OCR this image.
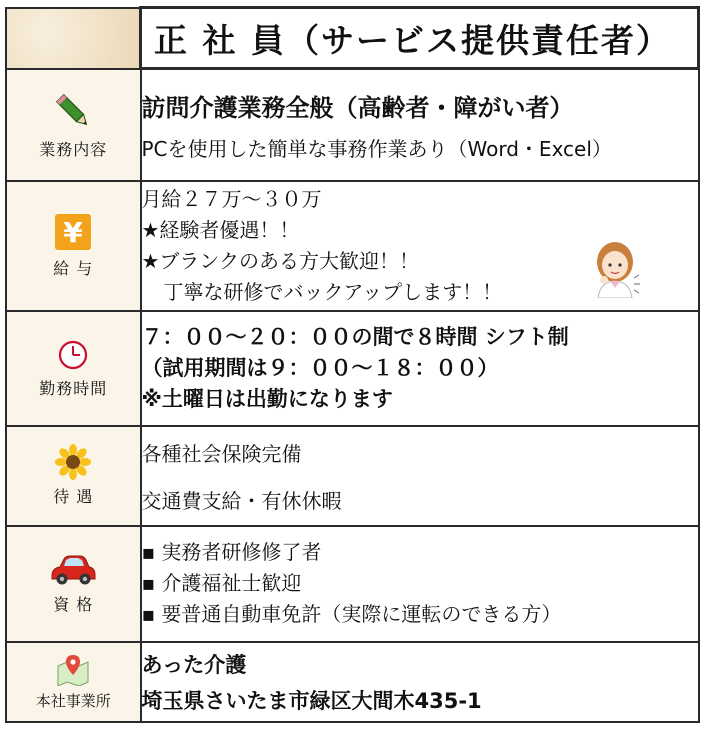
	正 社 員（サービス提供責任者）

業務内容	訪問介護業務全般（高齢者・障がい者）
PCを使用した簡単な事務作業あり（Word・Excel）

¥
給 与	月給２７万～３０万
★経験者優遇！！
★ブランクのある方大歓迎！！
丁寧な研修でバックアップします！！

勤務時間	７：００～２０：００の間で８時間 シフト制
（試用期間は９：００～１８：００）
※土曜日は出勤になります

待 遇	各種社会保険完備
交通費支給・有休休暇

資 格	▪ 実務者研修修了者
▪ 介護福祉士歓迎
▪ 要普通自動車免許（実際に運転のできる方）

本社事業所	あった介護
埼玉県さいたま市緑区大間木435-1
